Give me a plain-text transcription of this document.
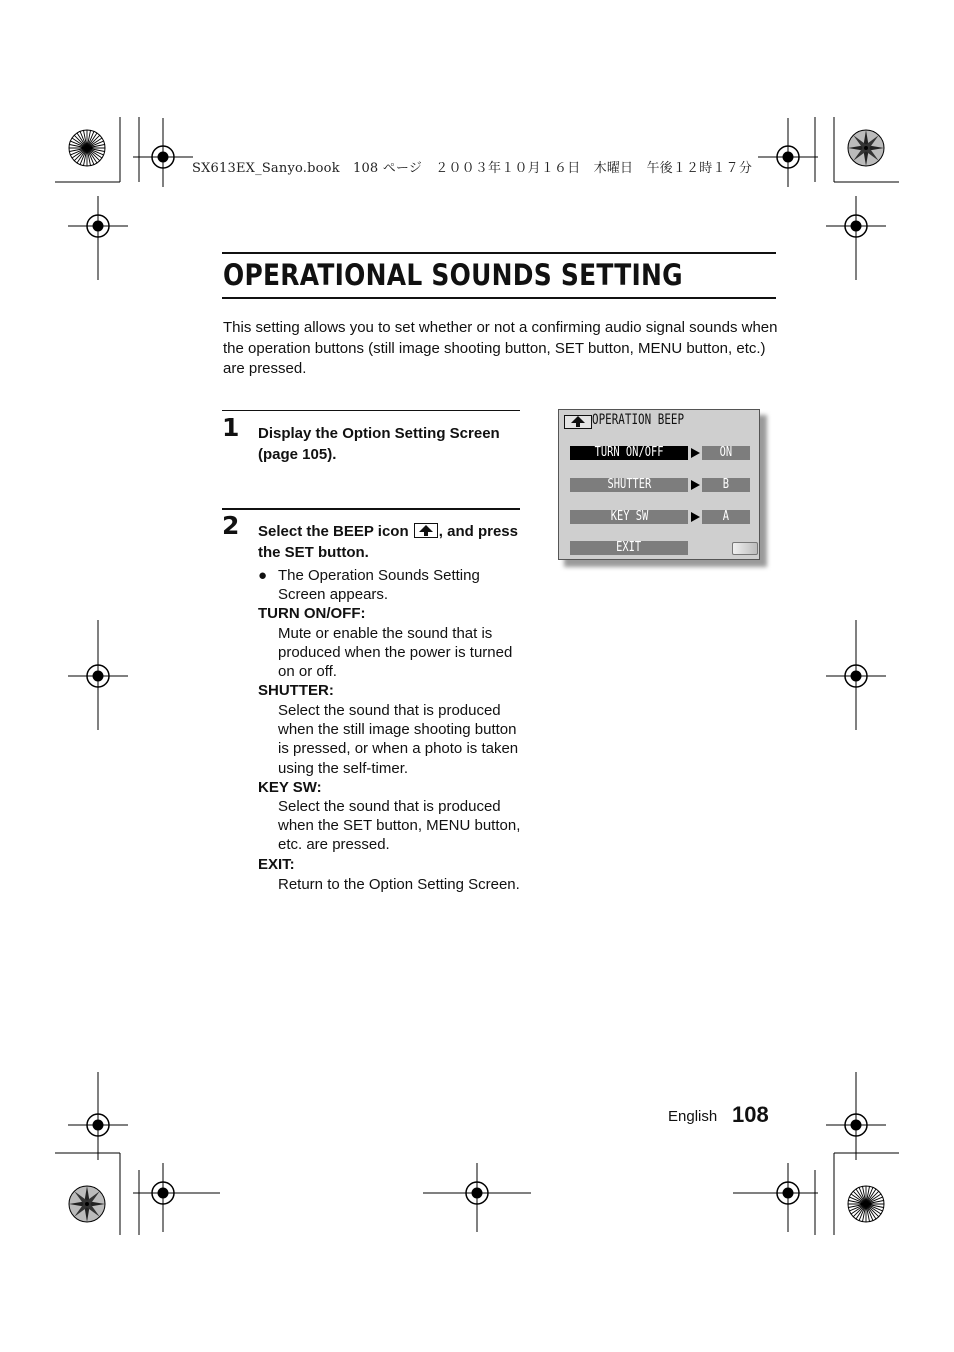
SX613EX_Sanyo.book　108 ページ　２００３年１０月１６日　木曜日　午後１２時１７分
OPERATIONAL SOUNDS SETTING
This setting allows you to set whether or not a confirming audio signal sounds when the operation buttons (still image shooting button, SET button, MENU button, etc.) are pressed.
1 Display the Option Setting Screen (page 105).
2 Select the BEEP icon , and press the SET button.
● The Operation Sounds Setting Screen appears.
TURN ON/OFF:
Mute or enable the sound that is produced when the power is turned on or off.
SHUTTER:
Select the sound that is produced when the still image shooting button is pressed, or when a photo is taken using the self-timer.
KEY SW:
Select the sound that is produced when the SET button, MENU button, etc. are pressed.
EXIT:
Return to the Option Setting Screen.
OPERATION BEEP
TURN ON/OFF	ON
SHUTTER	B
KEY SW	A
EXIT
English 108
